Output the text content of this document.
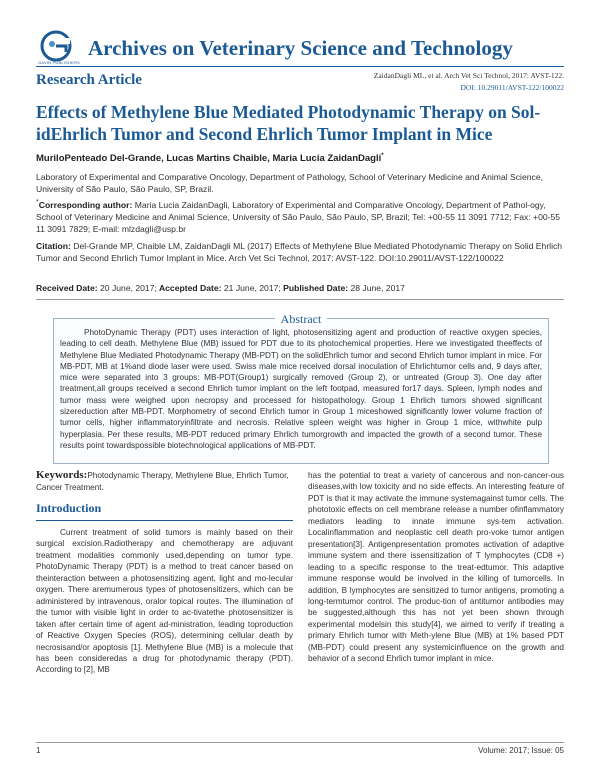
GAVIN PUBLISHERS
Archives on Veterinary Science and Technology
Research Article	ZaidanDagli ML, et al. Arch Vet Sci Technol, 2017: AVST-122.
DOI: 10.29011/AVST-122/100022
Effects of Methylene Blue Mediated Photodynamic Therapy on Sol-idEhrlich Tumor and Second Ehrlich Tumor Implant in Mice
MuriloPenteado Del-Grande, Lucas Martins Chaible, Maria Lucia ZaidanDagli*
Laboratory of Experimental and Comparative Oncology, Department of Pathology, School of Veterinary Medicine and Animal Science, University of São Paulo, São Paulo, SP, Brazil.
*Corresponding author: Maria Lucia ZaidanDagli, Laboratory of Experimental and Comparative Oncology, Department of Pathol-ogy, School of Veterinary Medicine and Animal Science, University of São Paulo, São Paulo, SP, Brazil; Tel: +00-55 11 3091 7712; Fax: +00-55 11 3091 7829; E-mail: mlzdagli@usp.br
Citation: Del-Grande MP, Chaible LM, ZaidanDagli ML (2017) Effects of Methylene Blue Mediated Photodynamic Therapy on Solid Ehrlich Tumor and Second Ehrlich Tumor Implant in Mice. Arch Vet Sci Technol, 2017: AVST-122. DOI:10.29011/AVST-122/100022
Received Date: 20 June, 2017; Accepted Date: 21 June, 2017; Published Date: 28 June, 2017
Abstract
PhotoDynamic Therapy (PDT) uses interaction of light, photosensitizing agent and production of reactive oxygen species, leading to cell death. Methylene Blue (MB) issued for PDT due to its photochemical properties. Here we investigated theeffects of Methylene Blue Mediated Photodynamic Therapy (MB-PDT) on the solidEhrlich tumor and second Ehrlich tumor implant in mice. For MB-PDT, MB at 1%and diode laser were used. Swiss male mice received dorsal inoculation of Ehrlichtumor cells and, 9 days after, mice were separated into 3 groups: MB-PDT(Group1) surgically removed (Group 2), or untreated (Group 3). One day after treatment,all groups received a second Ehrlich tumor implant on the left footpad, measured for17 days. Spleen, lymph nodes and tumor mass were weighed upon necropsy and processed for histopathology. Group 1 Ehrlich tumors showed significant sizereduction after MB-PDT. Morphometry of second Ehrlich tumor in Group 1 miceshowed significantly lower volume fraction of tumor cells, higher inflammatoryinfiltrate and necrosis. Relative spleen weight was higher in Group 1 mice, withwhite pulp hyperplasia. Per these results, MB-PDT reduced primary Ehrlich tumorgrowth and impacted the growth of a second tumor. These results point towardspossible biotechnological applications of MB-PDT.
Keywords:Photodynamic Therapy, Methylene Blue, Ehrlich Tumor, Cancer Treatment.
Introduction

Current treatment of solid tumors is mainly based on their surgical excision.Radiotherapy and chemotherapy are adjuvant treatment modalities commonly used,depending on tumor type. PhotoDynamic Therapy (PDT) is a method to treat cancer based on theinteraction between a photosensitizing agent, light and mo-lecular oxygen. There aremumerous types of photosensitizers, which can be administered by intravenous, oralor topical routes. The illumination of the tumor with visible light in order to ac-tivatethe photosensitizer is taken after certain time of agent ad-ministration, leading toproduction of Reactive Oxygen Species (ROS), determining cellular death by necrosisand/or apoptosis [1]. Methylene Blue (MB) is a molecule that has been consideredas a drug for photodynamic therapy (PDT). According to [2], MB

has the potential to treat a variety of cancerous and non-cancer-ous diseases,with low toxicity and no side effects. An interesting feature of PDT is that it may activate the immune systemagainst tumor cells. The phototoxic effects on cell membrane release a number ofinflammatory mediators leading to innate immune sys-tem activation. Localinflammation and neoplastic cell death pro-voke tumor antigen presentation[3]. Antigenpresentation promotes activation of adaptive immune system and there issensitization of T lymphocytes (CD8 +) leading to a specific response to the treat-edtumor. This adaptive immune response would be involved in the killing of tumorcells. In addition, B lymphocytes are sensitized to tumor antigens, promoting a long-termtumor control. The produc-tion of antitumor antibodies may be suggested,although this has not yet been shown through experimental modelsin this study[4], we aimed to verify if treating a primary Ehrlich tumor with Meth-ylene Blue (MB) at 1% based PDT (MB-PDT) could present any systemicinfluence on the growth and behavior of a second Ehrlich tumor implant in mice.

1	Volume: 2017; Issue: 05
